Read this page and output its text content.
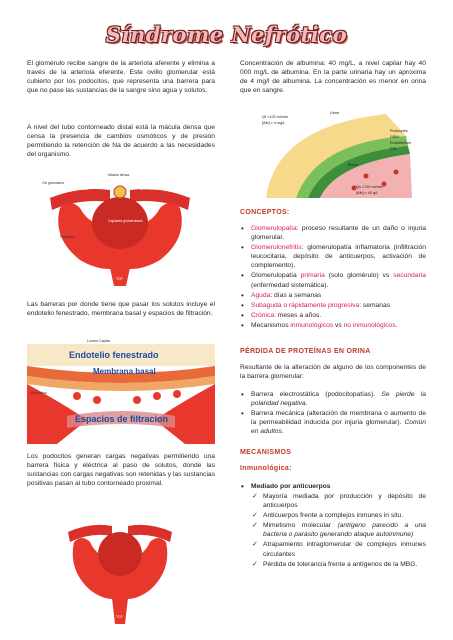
Síndrome Nefrótico
El glomérulo recibe sangre de la arteriola aferente y elimina a través de la arteriola eferente. Este ovillo glomerular está cubierto por los podocitos, que representa una barrera para que no pase las sustancias de la sangre sino agua y solutos.
A nivel del tubo contorneado distal está la mácula densa que censa la presencia de cambios osmóticos y de presión permitiendo la retención de Na de acuerdo a las necesidades del organismo.
Mácula densa
Cel granulares
Arteriola eferente	Arteriola aferente
Capilares glomerulares
Podocitos
TCP
Las barreras por donde tiene que pasar los solutos incluye el endotelio fenestrado, membrana basal y espacios de filtración.
Lumen Capilar
Endotelio fenestrado
Membrana basal
Podocitos
Espacios de filtracion
Los podocitos generan cargas negativas permitiendo una barrera física y eléctrica al paso de solutos, donde las sustancias con cargas negativas son retenidas y las sustancias positivas pasan al tubo contorneado proximal.
TCP
Concentración de albumina: 40 mg/L, a nivel capilar hay 40 000 mg/L de albumina. En la parte urinaria hay un aproxima de 4 mg/l de albumina. La concentración es menor en orina que en sangre.
Qf =125 ml/min
[Alb] ≈ 4 mg/L
Urine
Podocytes
GBM
Endothelium
ESL
Blood
Qs =720 ml/min
[Alb] ≈ 40 g/L
CONCEPTOS:
• Glomerulopatía: proceso resultante de un daño o injuria glomerular.
• Glomerulonefritis: glomerulopatía inflamatoria (infiltración leucocitaria, depósito de anticuerpos, activación de complemento).
• Glomerulopatía primaria (solo glomérulo) vs secundaria (enfermedad sistemática).
• Aguda: días a semanas
• Subaguda o rápidamente progresiva: semanas
• Crónica: meses a años.
• Mecanismos inmunológicos vs no inmunológicos.
PÉRDIDA DE PROTEÍNAS EN ORINA
Resultante de la alteración de alguno de los componentes de la barrera glomerular:
• Barrera electrostática (podocitopatías). Se pierde la polaridad negativa.
• Barrera mecánica (alteración de membrana o aumento de la permeabilidad inducida por injuria glomerular). Común en adultos.
MECANISMOS
Inmunológica:
• Mediado por anticuerpos
✓ Mayoría mediada por producción y depósito de anticuerpos
✓ Anticuerpos frente a complejos inmunes in situ.
✓ Mimetismo molecular (antígeno parecido a una bacteria o parásito generando ataque autoinmune)
✓ Atrapamiento intraglomerular de complejos inmunes circulantes
✓ Pérdida de tolerancia frente a antígenos de la MBG.
